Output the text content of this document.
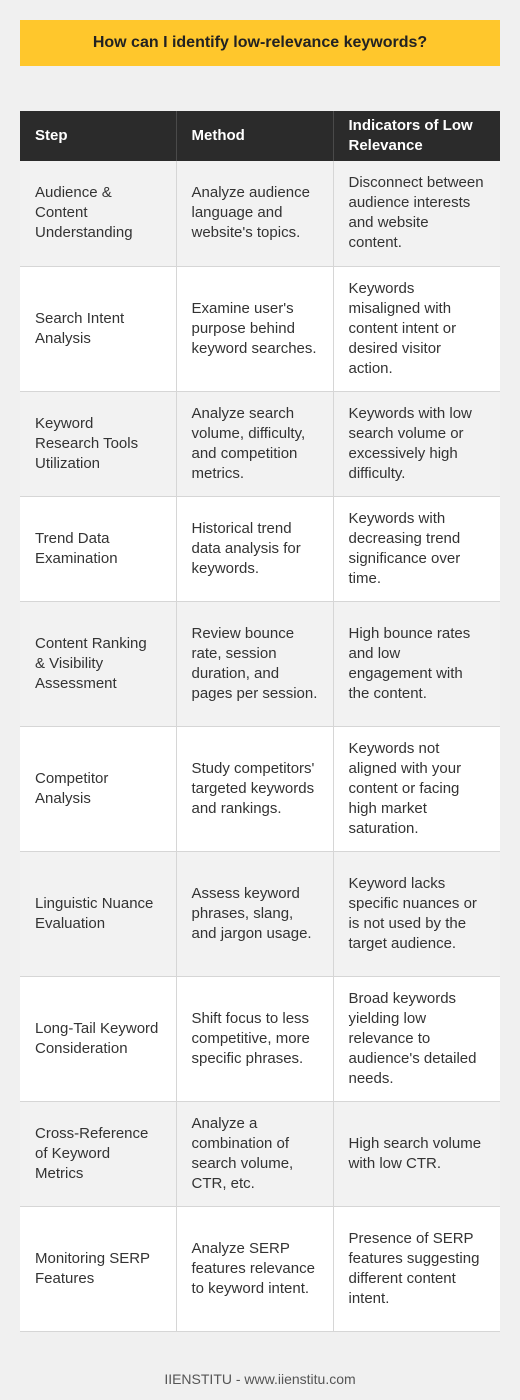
How can I identify low-relevance keywords?
Step	Method	Indicators of Low Relevance
Audience & Content Understanding	Analyze audience language and website's topics.	Disconnect between audience interests and website content.
Search Intent Analysis	Examine user's purpose behind keyword searches.	Keywords misaligned with content intent or desired visitor action.
Keyword Research Tools Utilization	Analyze search volume, difficulty, and competition metrics.	Keywords with low search volume or excessively high difficulty.
Trend Data Examination	Historical trend data analysis for keywords.	Keywords with decreasing trend significance over time.
Content Ranking & Visibility Assessment	Review bounce rate, session duration, and pages per session.	High bounce rates and low engagement with the content.
Competitor Analysis	Study competitors' targeted keywords and rankings.	Keywords not aligned with your content or facing high market saturation.
Linguistic Nuance Evaluation	Assess keyword phrases, slang, and jargon usage.	Keyword lacks specific nuances or is not used by the target audience.
Long-Tail Keyword Consideration	Shift focus to less competitive, more specific phrases.	Broad keywords yielding low relevance to audience's detailed needs.
Cross-Reference of Keyword Metrics	Analyze a combination of search volume, CTR, etc.	High search volume with low CTR.
Monitoring SERP Features	Analyze SERP features relevance to keyword intent.	Presence of SERP features suggesting different content intent.
IIENSTITU - www.iienstitu.com
